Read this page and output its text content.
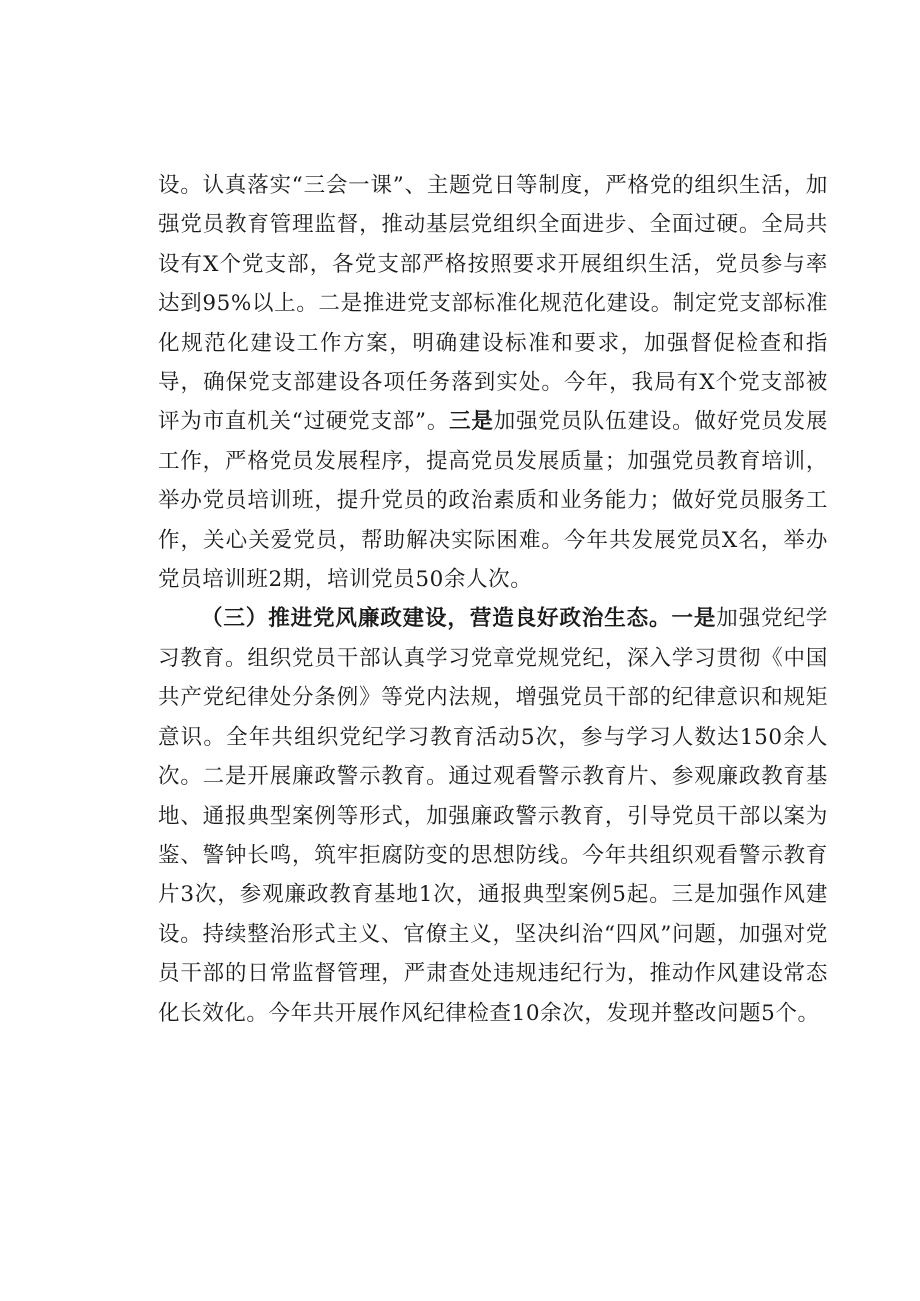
设。认真落实“三会一课”、主题党日等制度，严格党的组织生活，加强党员教育管理监督，推动基层党组织全面进步、全面过硬。全局共设有X个党支部，各党支部严格按照要求开展组织生活，党员参与率达到95%以上。二是推进党支部标准化规范化建设。制定党支部标准化规范化建设工作方案，明确建设标准和要求，加强督促检查和指导，确保党支部建设各项任务落到实处。今年，我局有X个党支部被评为市直机关“过硬党支部”。三是加强党员队伍建设。做好党员发展工作，严格党员发展程序，提高党员发展质量；加强党员教育培训，举办党员培训班，提升党员的政治素质和业务能力；做好党员服务工作，关心关爱党员，帮助解决实际困难。今年共发展党员X名，举办党员培训班2期，培训党员50余人次。

（三）推进党风廉政建设，营造良好政治生态。一是加强党纪学习教育。组织党员干部认真学习党章党规党纪，深入学习贯彻《中国共产党纪律处分条例》等党内法规，增强党员干部的纪律意识和规矩意识。全年共组织党纪学习教育活动5次，参与学习人数达150余人次。二是开展廉政警示教育。通过观看警示教育片、参观廉政教育基地、通报典型案例等形式，加强廉政警示教育，引导党员干部以案为鉴、警钟长鸣，筑牢拒腐防变的思想防线。今年共组织观看警示教育片3次，参观廉政教育基地1次，通报典型案例5起。三是加强作风建设。持续整治形式主义、官僚主义，坚决纠治“四风”问题，加强对党员干部的日常监督管理，严肃查处违规违纪行为，推动作风建设常态化长效化。今年共开展作风纪律检查10余次，发现并整改问题5个。
